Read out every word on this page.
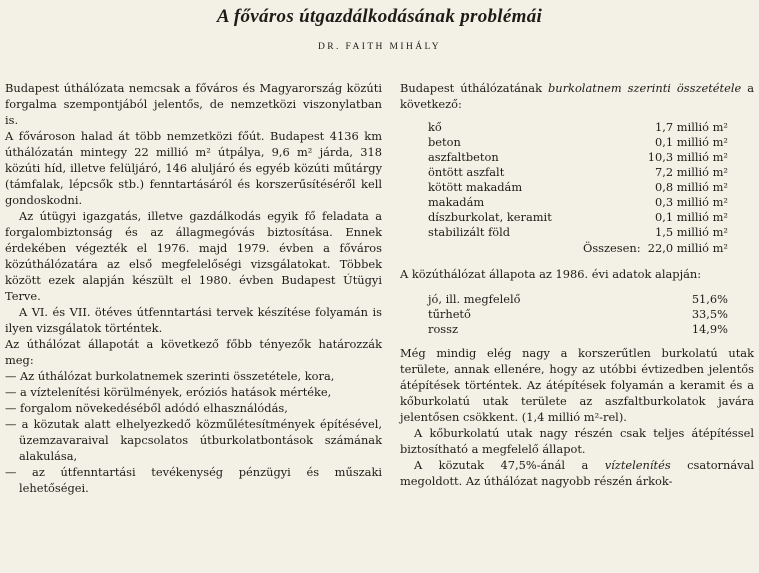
A főváros útgazdálkodásának problémái
DR. FAITH MIHÁLY

Budapest úthálózata nemcsak a főváros és Magyarország közúti forgalma szempontjából jelentős, de nemzetközi viszonylatban is.

A fővároson halad át több nemzetközi főút. Budapest 4136 km úthálózatán mintegy 22 millió m² útpálya, 9,6 m² járda, 318 közúti híd, illetve felüljáró, 146 aluljáró és egyéb közúti műtárgy (támfalak, lépcsők stb.) fenntartásáról és korszerűsítéséről kell gondoskodni.

Az útügyi igazgatás, illetve gazdálkodás egyik fő feladata a forgalombiztonság és az állagmegóvás biztosítása. Ennek érdekében végezték el 1976. majd 1979. évben a főváros közúthálózatára az első megfelelőségi vizsgálatokat. Többek között ezek alapján készült el 1980. évben Budapest Útügyi Terve.

A VI. és VII. ötéves útfenntartási tervek készítése folyamán is ilyen vizsgálatok történtek.

Az úthálózat állapotát a következő főbb tényezők határozzák meg:

— Az úthálózat burkolatnemek szerinti összetétele, kora,

— a víztelenítési körülmények, eróziós hatások mértéke,

— forgalom növekedéséből adódó elhasználódás,

— a közutak alatt elhelyezkedő közműlétesítmények építésével, üzemzavaraival kapcsolatos útburkolatbontások számának alakulása,

— az útfenntartási tevékenység pénzügyi és műszaki lehetőségei.

Budapest úthálózatának burkolatnem szerinti összetétele a következő:

kő	1,7 millió m²
beton	0,1 millió m²
aszfaltbeton	10,3 millió m²
öntött aszfalt	7,2 millió m²
kötött makadám	0,8 millió m²
makadám	0,3 millió m²
díszburkolat, keramit	0,1 millió m²
stabilizált föld	1,5 millió m²

Összesen: 22,0 millió m²

A közúthálózat állapota az 1986. évi adatok alapján:

jó, ill. megfelelő	51,6%
tűrhető	33,5%
rossz	14,9%

Még mindig elég nagy a korszerűtlen burkolatú utak területe, annak ellenére, hogy az utóbbi évtizedben jelentős átépítések történtek. Az átépítések folyamán a keramit és a kőburkolatú utak területe az aszfaltburkolatok javára jelentősen csökkent. (1,4 millió m²-rel).

A kőburkolatú utak nagy részén csak teljes átépítéssel biztosítható a megfelelő állapot.

A közutak 47,5%-ánál a víztelenítés csatornával megoldott. Az úthálózat nagyobb részén árkok-
